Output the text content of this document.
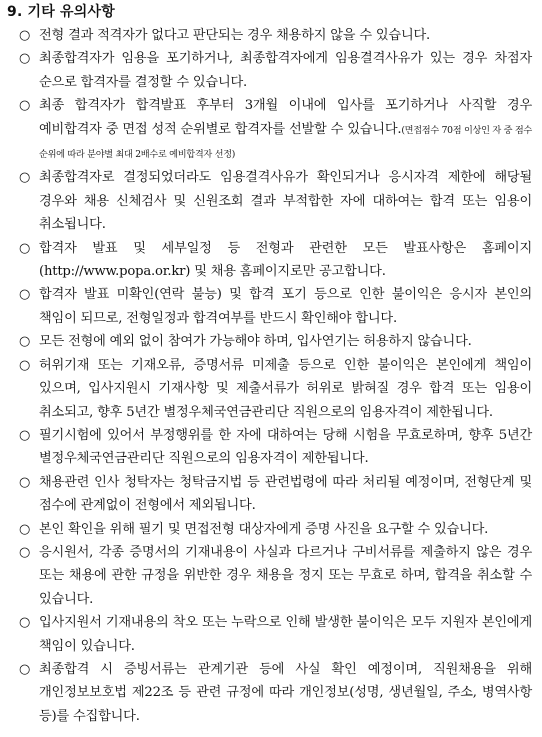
9. 기타 유의사항
○ 전형 결과 적격자가 없다고 판단되는 경우 채용하지 않을 수 있습니다.
○ 최종합격자가 임용을 포기하거나, 최종합격자에게 임용결격사유가 있는 경우 차점자 순으로 합격자를 결정할 수 있습니다.
○ 최종 합격자가 합격발표 후부터 3개월 이내에 입사를 포기하거나 사직할 경우 예비합격자 중 면접 성적 순위별로 합격자를 선발할 수 있습니다.(면접점수 70점 이상인 자 중 점수 순위에 따라 분야별 최대 2배수로 예비합격자 선정)
○ 최종합격자로 결정되었더라도 임용결격사유가 확인되거나 응시자격 제한에 해당될 경우와 채용 신체검사 및 신원조회 결과 부적합한 자에 대하여는 합격 또는 임용이 취소됩니다.
○ 합격자 발표 및 세부일정 등 전형과 관련한 모든 발표사항은 홈페이지 (http://www.popa.or.kr) 및 채용 홈페이지로만 공고합니다.
○ 합격자 발표 미확인(연락 불능) 및 합격 포기 등으로 인한 불이익은 응시자 본인의 책임이 되므로, 전형일정과 합격여부를 반드시 확인해야 합니다.
○ 모든 전형에 예외 없이 참여가 가능해야 하며, 입사연기는 허용하지 않습니다.
○ 허위기재 또는 기재오류, 증명서류 미제출 등으로 인한 불이익은 본인에게 책임이 있으며, 입사지원시 기재사항 및 제출서류가 허위로 밝혀질 경우 합격 또는 임용이 취소되고, 향후 5년간 별정우체국연금관리단 직원으로의 임용자격이 제한됩니다.
○ 필기시험에 있어서 부정행위를 한 자에 대하여는 당해 시험을 무효로하며, 향후 5년간 별정우체국연금관리단 직원으로의 임용자격이 제한됩니다.
○ 채용관련 인사 청탁자는 청탁금지법 등 관련법령에 따라 처리될 예정이며, 전형단계 및 점수에 관계없이 전형에서 제외됩니다.
○ 본인 확인을 위해 필기 및 면접전형 대상자에게 증명 사진을 요구할 수 있습니다.
○ 응시원서, 각종 증명서의 기재내용이 사실과 다르거나 구비서류를 제출하지 않은 경우 또는 채용에 관한 규정을 위반한 경우 채용을 정지 또는 무효로 하며, 합격을 취소할 수 있습니다.
○ 입사지원서 기재내용의 착오 또는 누락으로 인해 발생한 불이익은 모두 지원자 본인에게 책임이 있습니다.
○ 최종합격 시 증빙서류는 관계기관 등에 사실 확인 예정이며, 직원채용을 위해 개인정보보호법 제22조 등 관련 규정에 따라 개인정보(성명, 생년월일, 주소, 병역사항 등)를 수집합니다.
